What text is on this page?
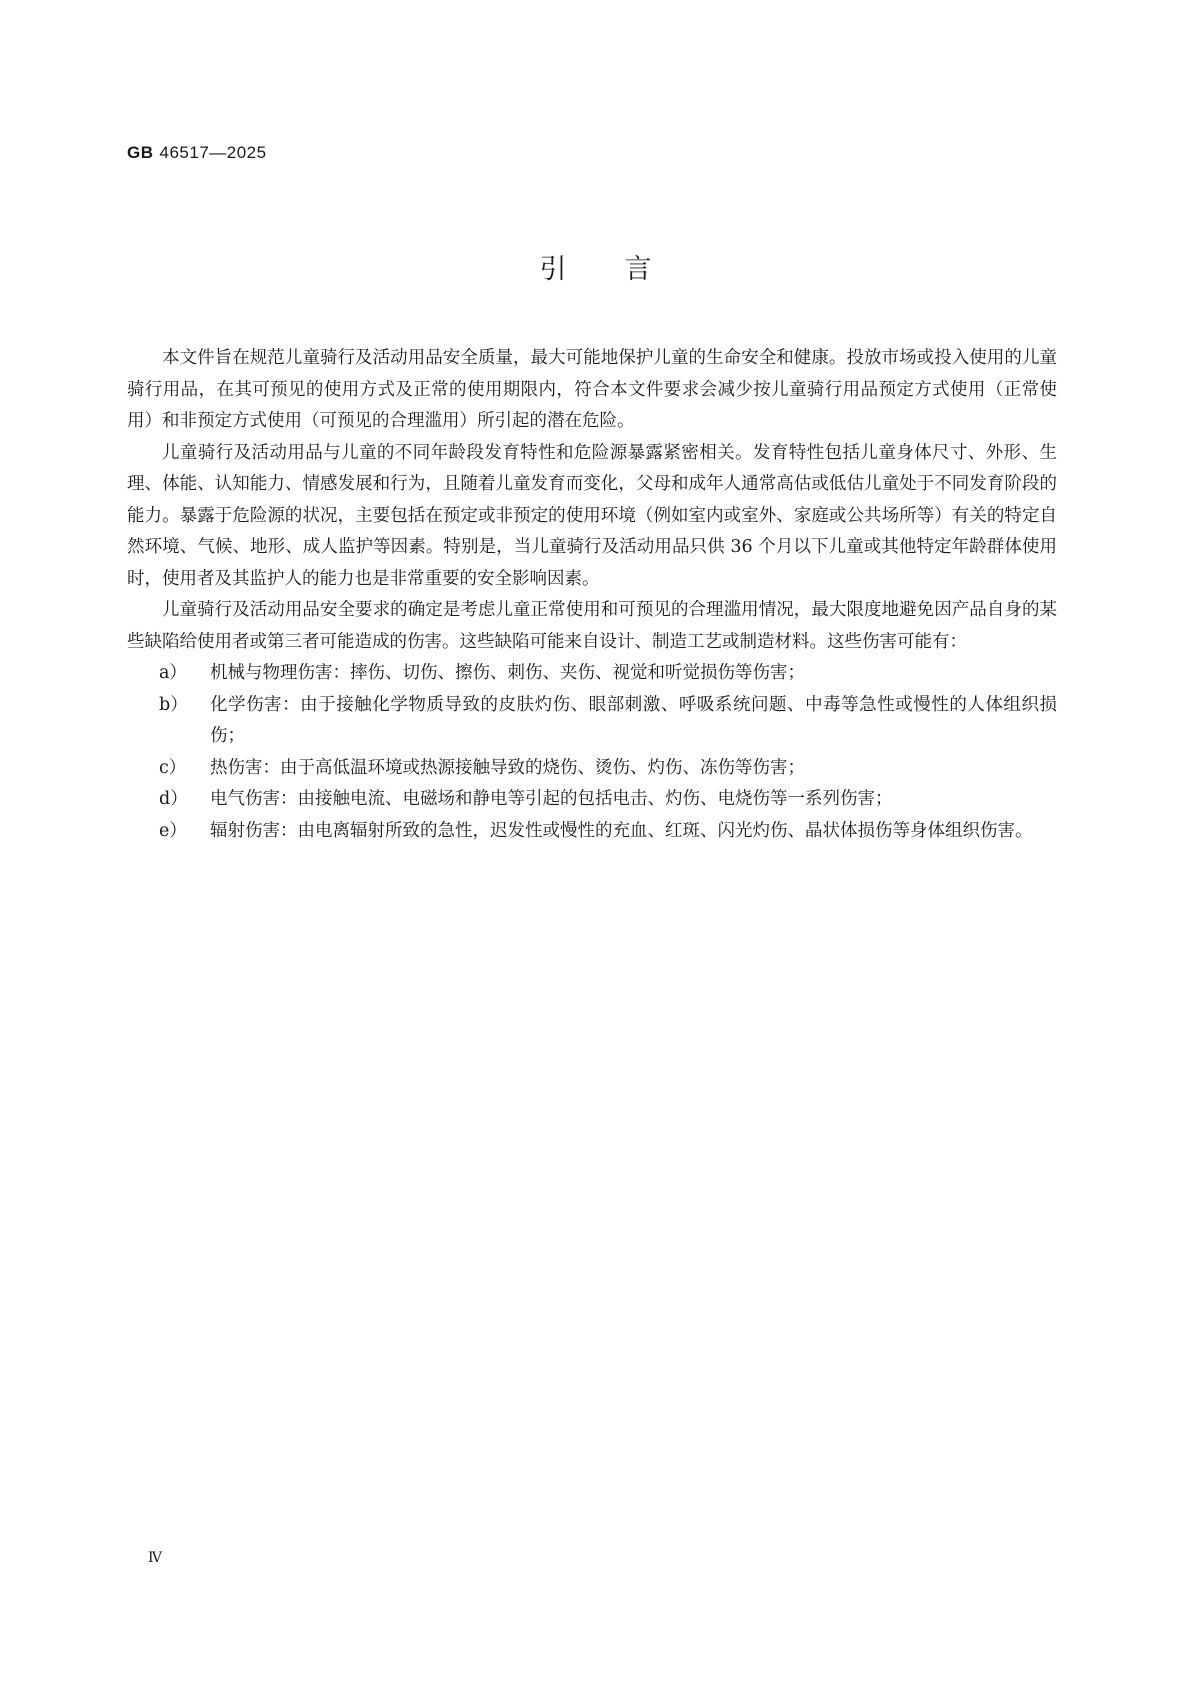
GB 46517—2025
引言

本文件旨在规范儿童骑行及活动用品安全质量，最大可能地保护儿童的生命安全和健康。投放市场或投入使用的儿童骑行用品，在其可预见的使用方式及正常的使用期限内，符合本文件要求会减少按儿童骑行用品预定方式使用（正常使用）和非预定方式使用（可预见的合理滥用）所引起的潜在危险。

儿童骑行及活动用品与儿童的不同年龄段发育特性和危险源暴露紧密相关。发育特性包括儿童身体尺寸、外形、生理、体能、认知能力、情感发展和行为，且随着儿童发育而变化，父母和成年人通常高估或低估儿童处于不同发育阶段的能力。暴露于危险源的状况，主要包括在预定或非预定的使用环境（例如室内或室外、家庭或公共场所等）有关的特定自然环境、气候、地形、成人监护等因素。特别是，当儿童骑行及活动用品只供 36 个月以下儿童或其他特定年龄群体使用时，使用者及其监护人的能力也是非常重要的安全影响因素。

儿童骑行及活动用品安全要求的确定是考虑儿童正常使用和可预见的合理滥用情况，最大限度地避免因产品自身的某些缺陷给使用者或第三者可能造成的伤害。这些缺陷可能来自设计、制造工艺或制造材料。这些伤害可能有：

a） 机械与物理伤害：摔伤、切伤、擦伤、刺伤、夹伤、视觉和听觉损伤等伤害；
b） 化学伤害：由于接触化学物质导致的皮肤灼伤、眼部刺激、呼吸系统问题、中毒等急性或慢性的人体组织损伤；
c） 热伤害：由于高低温环境或热源接触导致的烧伤、烫伤、灼伤、冻伤等伤害；
d） 电气伤害：由接触电流、电磁场和静电等引起的包括电击、灼伤、电烧伤等一系列伤害；
e） 辐射伤害：由电离辐射所致的急性，迟发性或慢性的充血、红斑、闪光灼伤、晶状体损伤等身体组织伤害。
Ⅳ
